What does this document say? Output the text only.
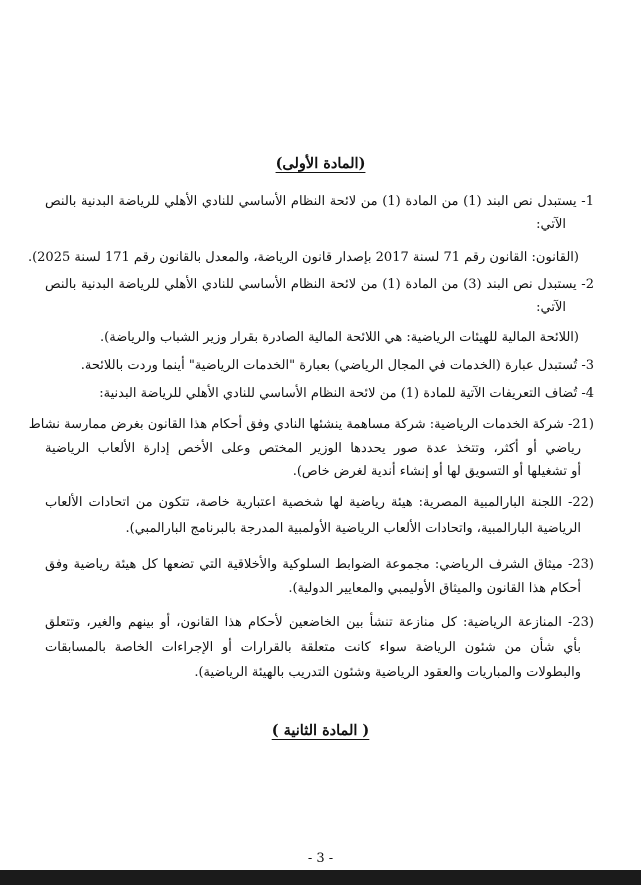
(المادة الأولى)
1- يستبدل نص البند (1) من المادة (1) من لائحة النظام الأساسي للنادي الأهلي للرياضة البدنية بالنص
الآتي:
(القانون: القانون رقم 71 لسنة 2017 بإصدار قانون الرياضة، والمعدل بالقانون رقم 171 لسنة 2025).
2- يستبدل نص البند (3) من المادة (1) من لائحة النظام الأساسي للنادي الأهلي للرياضة البدنية بالنص
الآتي:
(اللائحة المالية للهيئات الرياضية: هي اللائحة المالية الصادرة بقرار وزير الشباب والرياضة).
3- تُستبدل عبارة (الخدمات في المجال الرياضي) بعبارة "الخدمات الرياضية" أينما وردت باللائحة.
4- تُضاف التعريفات الآتية للمادة (1) من لائحة النظام الأساسي للنادي الأهلي للرياضة البدنية:
(21- شركة الخدمات الرياضية: شركة مساهمة ينشئها النادي وفق أحكام هذا القانون بغرض ممارسة نشاط
رياضي أو أكثر، وتتخذ عدة صور يحددها الوزير المختص وعلى الأخص إدارة الألعاب الرياضية
أو تشغيلها أو التسويق لها أو إنشاء أندية لغرض خاص).
(22- اللجنة البارالمبية المصرية: هيئة رياضية لها شخصية اعتبارية خاصة، تتكون من اتحادات الألعاب
الرياضية البارالمبية، واتحادات الألعاب الرياضية الأولمبية المدرجة بالبرنامج البارالمبي).
(23- ميثاق الشرف الرياضي: مجموعة الضوابط السلوكية والأخلاقية التي تضعها كل هيئة رياضية وفق
أحكام هذا القانون والميثاق الأوليمبي والمعايير الدولية).
(23- المنازعة الرياضية: كل منازعة تنشأ بين الخاضعين لأحكام هذا القانون، أو بينهم والغير، وتتعلق
بأي شأن من شئون الرياضة سواء كانت متعلقة بالقرارات أو الإجراءات الخاصة بالمسابقات
والبطولات والمباريات والعقود الرياضية وشئون التدريب بالهيئة الرياضية).
( المادة الثانية )
- 3 -
